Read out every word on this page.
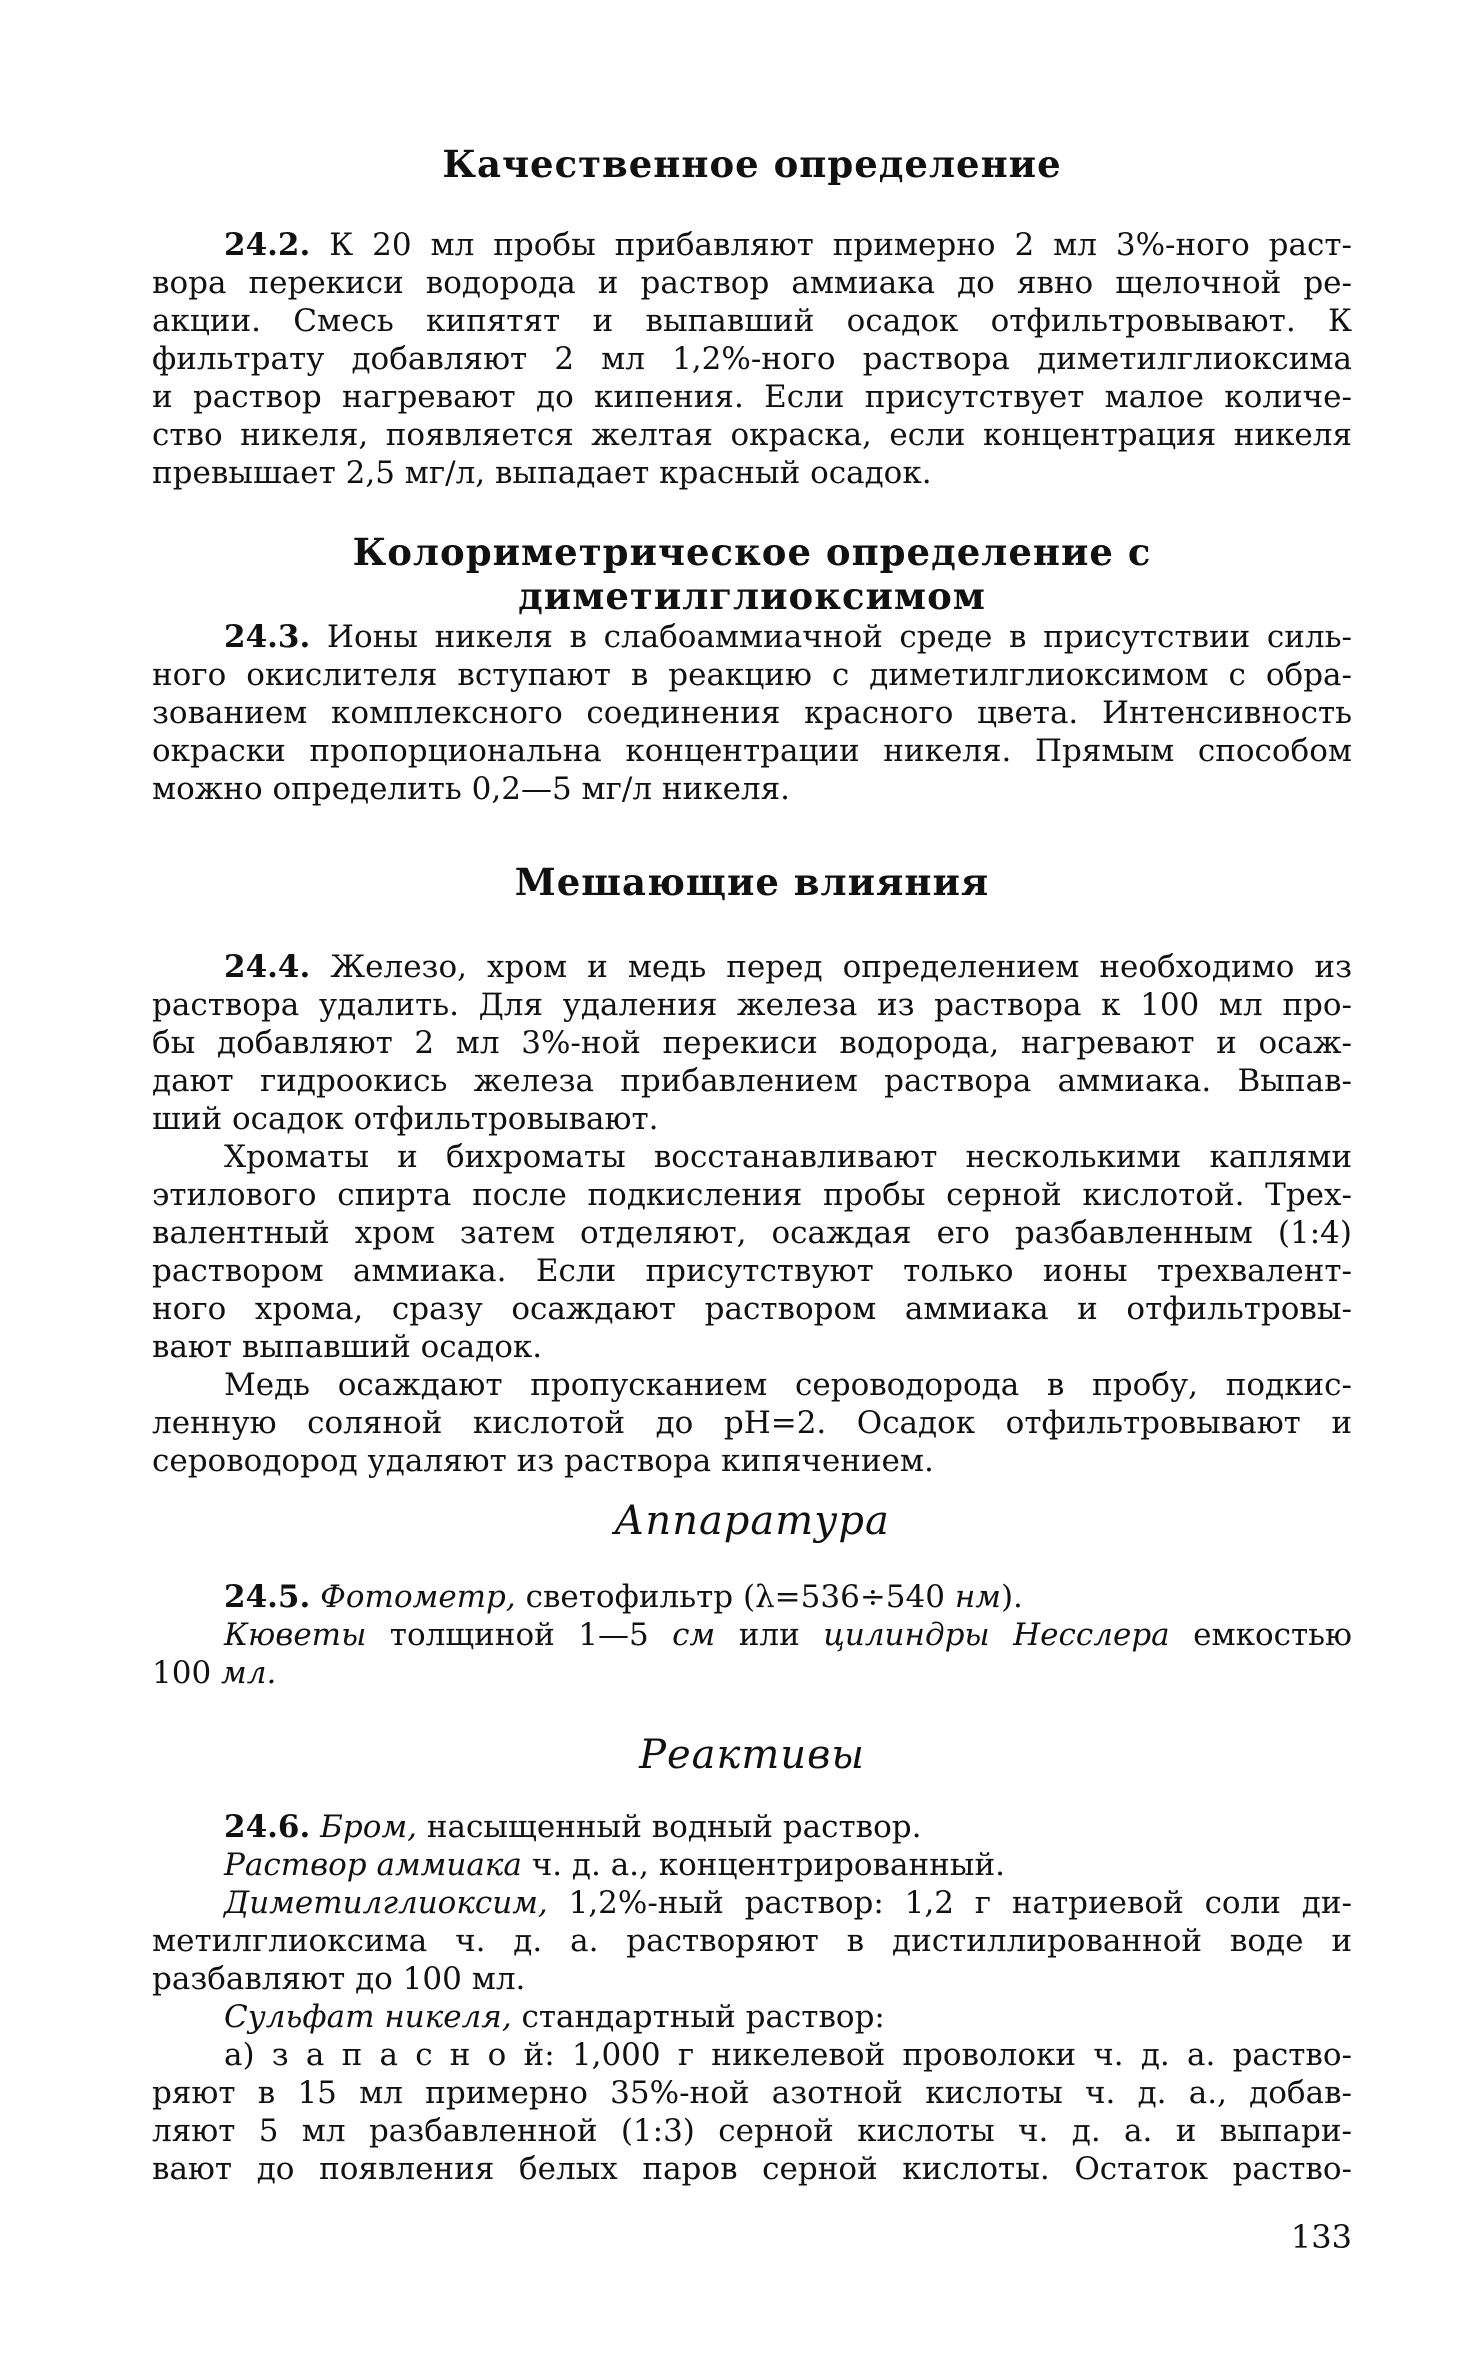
Качественное определение
24.2. К 20 мл пробы прибавляют примерно 2 мл 3%-ного раст-
вора перекиси водорода и раствор аммиака до явно щелочной ре-
акции. Смесь кипятят и выпавший осадок отфильтровывают. К
фильтрату добавляют 2 мл 1,2%-ного раствора диметилглиоксима
и раствор нагревают до кипения. Если присутствует малое количе-
ство никеля, появляется желтая окраска, если концентрация никеля
превышает 2,5 мг/л, выпадает красный осадок.
Колориметрическое определение с диметилглиоксимом
24.3. Ионы никеля в слабоаммиачной среде в присутствии силь-
ного окислителя вступают в реакцию с диметилглиоксимом с обра-
зованием комплексного соединения красного цвета. Интенсивность
окраски пропорциональна концентрации никеля. Прямым способом
можно определить 0,2—5 мг/л никеля.
Мешающие влияния
24.4. Железо, хром и медь перед определением необходимо из
раствора удалить. Для удаления железа из раствора к 100 мл про-
бы добавляют 2 мл 3%-ной перекиси водорода, нагревают и осаж-
дают гидроокись железа прибавлением раствора аммиака. Выпав-
ший осадок отфильтровывают.
Хроматы и бихроматы восстанавливают несколькими каплями
этилового спирта после подкисления пробы серной кислотой. Трех-
валентный хром затем отделяют, осаждая его разбавленным (1:4)
раствором аммиака. Если присутствуют только ионы трехвалент-
ного хрома, сразу осаждают раствором аммиака и отфильтровы-
вают выпавший осадок.
Медь осаждают пропусканием сероводорода в пробу, подкис-
ленную соляной кислотой до pH=2. Осадок отфильтровывают и
сероводород удаляют из раствора кипячением.
Аппаратура
24.5. Фотометр, светофильтр (λ=536÷540 нм).
Кюветы толщиной 1—5 см или цилиндры Несслера емкостью
100 мл.
Реактивы
24.6. Бром, насыщенный водный раствор.
Раствор аммиака ч. д. а., концентрированный.
Диметилглиоксим, 1,2%-ный раствор: 1,2 г натриевой соли ди-
метилглиоксима ч. д. а. растворяют в дистиллированной воде и
разбавляют до 100 мл.
Сульфат никеля, стандартный раствор:
а) з а п а с н о й: 1,000 г никелевой проволоки ч. д. а. раство-
ряют в 15 мл примерно 35%-ной азотной кислоты ч. д. а., добав-
ляют 5 мл разбавленной (1:3) серной кислоты ч. д. а. и выпари-
вают до появления белых паров серной кислоты. Остаток раство-
133
